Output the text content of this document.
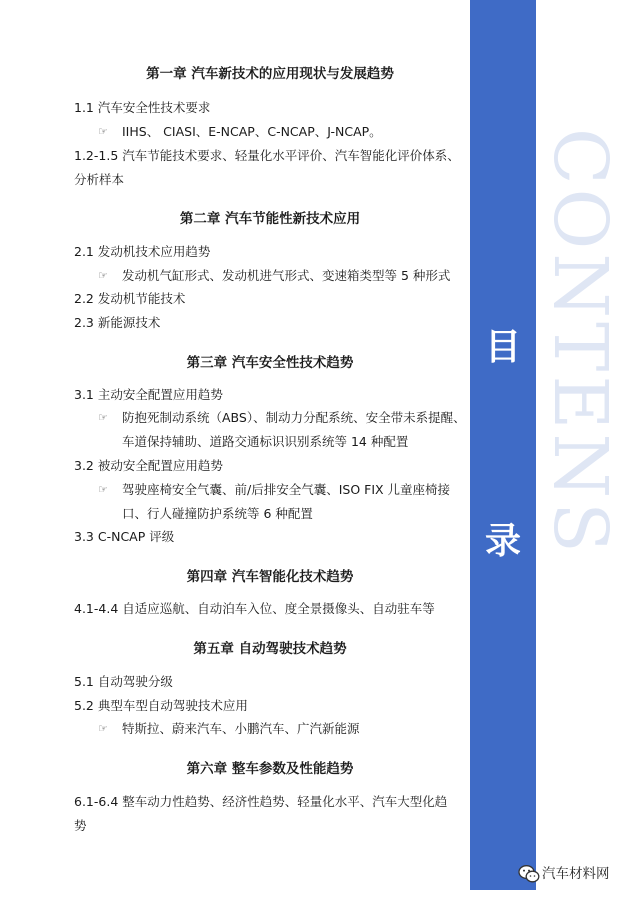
第一章 汽车新技术的应用现状与发展趋势
1.1 汽车安全性技术要求
☞ IIHS、 CIASI、E-NCAP、C-NCAP、J-NCAP。
1.2-1.5 汽车节能技术要求、轻量化水平评价、汽车智能化评价体系、
分析样本
第二章 汽车节能性新技术应用
2.1 发动机技术应用趋势
☞ 发动机气缸形式、发动机进气形式、变速箱类型等 5 种形式
2.2 发动机节能技术
2.3 新能源技术
第三章 汽车安全性技术趋势
3.1 主动安全配置应用趋势
☞ 防抱死制动系统（ABS）、制动力分配系统、安全带未系提醒、
车道保持辅助、道路交通标识识别系统等 14 种配置
3.2 被动安全配置应用趋势
☞ 驾驶座椅安全气囊、前/后排安全气囊、ISO FIX 儿童座椅接
口、行人碰撞防护系统等 6 种配置
3.3 C-NCAP 评级
第四章 汽车智能化技术趋势
4.1-4.4 自适应巡航、自动泊车入位、度全景摄像头、自动驻车等
第五章 自动驾驶技术趋势
5.1 自动驾驶分级
5.2 典型车型自动驾驶技术应用
☞ 特斯拉、蔚来汽车、小鹏汽车、广汽新能源
第六章 整车参数及性能趋势
6.1-6.4 整车动力性趋势、经济性趋势、轻量化水平、汽车大型化趋
势
目
录 CONTENS
汽车材料网
